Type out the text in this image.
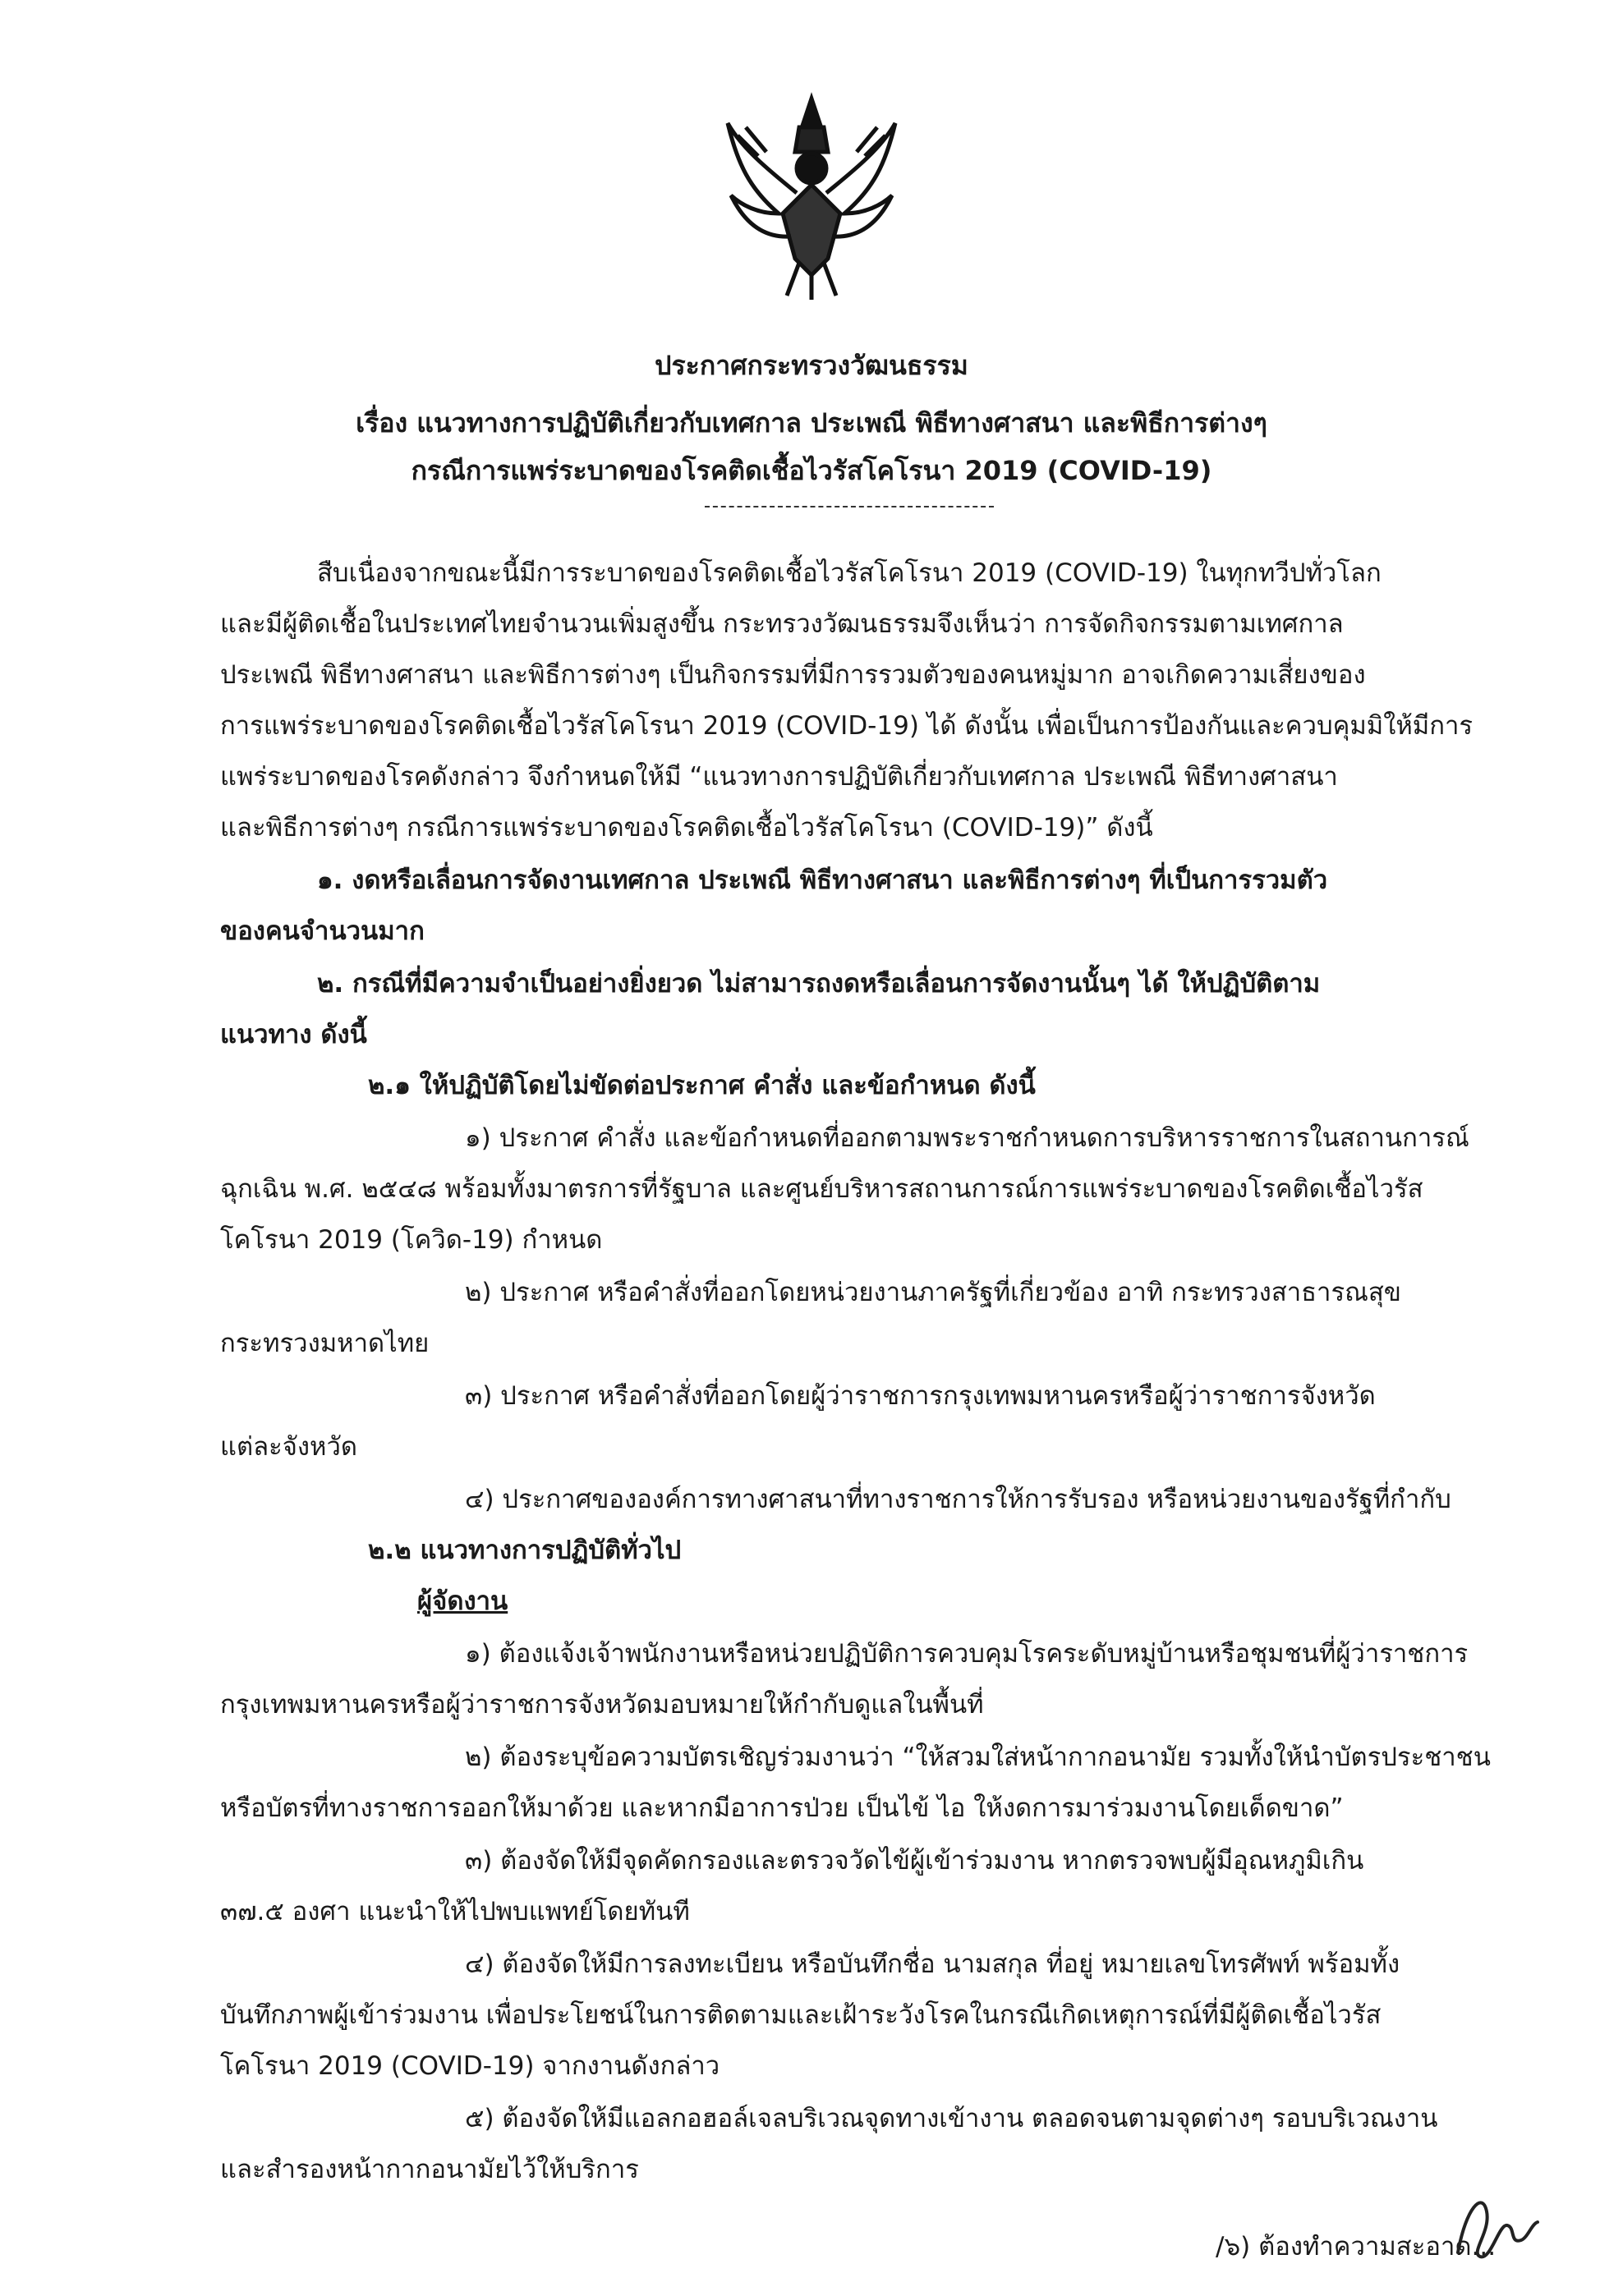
ประกาศกระทรวงวัฒนธรรม
เรื่อง แนวทางการปฏิบัติเกี่ยวกับเทศกาล ประเพณี พิธีทางศาสนา และพิธีการต่างๆ
กรณีการแพร่ระบาดของโรคติดเชื้อไวรัสโคโรนา 2019 (COVID-19)
สืบเนื่องจากขณะนี้มีการระบาดของโรคติดเชื้อไวรัสโคโรนา 2019 (COVID-19) ในทุกทวีปทั่วโลก
และมีผู้ติดเชื้อในประเทศไทยจำนวนเพิ่มสูงขึ้น กระทรวงวัฒนธรรมจึงเห็นว่า การจัดกิจกรรมตามเทศกาล
ประเพณี พิธีทางศาสนา และพิธีการต่างๆ เป็นกิจกรรมที่มีการรวมตัวของคนหมู่มาก อาจเกิดความเสี่ยงของ
การแพร่ระบาดของโรคติดเชื้อไวรัสโคโรนา 2019 (COVID-19) ได้ ดังนั้น เพื่อเป็นการป้องกันและควบคุมมิให้มีการ
แพร่ระบาดของโรคดังกล่าว จึงกำหนดให้มี “แนวทางการปฏิบัติเกี่ยวกับเทศกาล ประเพณี พิธีทางศาสนา
และพิธีการต่างๆ กรณีการแพร่ระบาดของโรคติดเชื้อไวรัสโคโรนา (COVID-19)” ดังนี้
๑. งดหรือเลื่อนการจัดงานเทศกาล ประเพณี พิธีทางศาสนา และพิธีการต่างๆ ที่เป็นการรวมตัว
ของคนจำนวนมาก
๒. กรณีที่มีความจำเป็นอย่างยิ่งยวด ไม่สามารถงดหรือเลื่อนการจัดงานนั้นๆ ได้ ให้ปฏิบัติตาม
แนวทาง ดังนี้
๒.๑ ให้ปฏิบัติโดยไม่ขัดต่อประกาศ คำสั่ง และข้อกำหนด ดังนี้
๑) ประกาศ คำสั่ง และข้อกำหนดที่ออกตามพระราชกำหนดการบริหารราชการในสถานการณ์
ฉุกเฉิน พ.ศ. ๒๕๔๘ พร้อมทั้งมาตรการที่รัฐบาล และศูนย์บริหารสถานการณ์การแพร่ระบาดของโรคติดเชื้อไวรัส
โคโรนา 2019 (โควิด-19) กำหนด
๒) ประกาศ หรือคำสั่งที่ออกโดยหน่วยงานภาครัฐที่เกี่ยวข้อง อาทิ กระทรวงสาธารณสุข
กระทรวงมหาดไทย
๓) ประกาศ หรือคำสั่งที่ออกโดยผู้ว่าราชการกรุงเทพมหานครหรือผู้ว่าราชการจังหวัด
แต่ละจังหวัด
๔) ประกาศขององค์การทางศาสนาที่ทางราชการให้การรับรอง หรือหน่วยงานของรัฐที่กำกับ
๒.๒ แนวทางการปฏิบัติทั่วไป
ผู้จัดงาน
๑) ต้องแจ้งเจ้าพนักงานหรือหน่วยปฏิบัติการควบคุมโรคระดับหมู่บ้านหรือชุมชนที่ผู้ว่าราชการ
กรุงเทพมหานครหรือผู้ว่าราชการจังหวัดมอบหมายให้กำกับดูแลในพื้นที่
๒) ต้องระบุข้อความบัตรเชิญร่วมงานว่า “ให้สวมใส่หน้ากากอนามัย รวมทั้งให้นำบัตรประชาชน
หรือบัตรที่ทางราชการออกให้มาด้วย และหากมีอาการป่วย เป็นไข้ ไอ ให้งดการมาร่วมงานโดยเด็ดขาด”
๓) ต้องจัดให้มีจุดคัดกรองและตรวจวัดไข้ผู้เข้าร่วมงาน หากตรวจพบผู้มีอุณหภูมิเกิน
๓๗.๕ องศา แนะนำให้ไปพบแพทย์โดยทันที
๔) ต้องจัดให้มีการลงทะเบียน หรือบันทึกชื่อ นามสกุล ที่อยู่ หมายเลขโทรศัพท์ พร้อมทั้ง
บันทึกภาพผู้เข้าร่วมงาน เพื่อประโยชน์ในการติดตามและเฝ้าระวังโรคในกรณีเกิดเหตุการณ์ที่มีผู้ติดเชื้อไวรัส
โคโรนา 2019 (COVID-19) จากงานดังกล่าว
๕) ต้องจัดให้มีแอลกอฮอล์เจลบริเวณจุดทางเข้างาน ตลอดจนตามจุดต่างๆ รอบบริเวณงาน
และสำรองหน้ากากอนามัยไว้ให้บริการ
/๖) ต้องทำความสะอาด...
